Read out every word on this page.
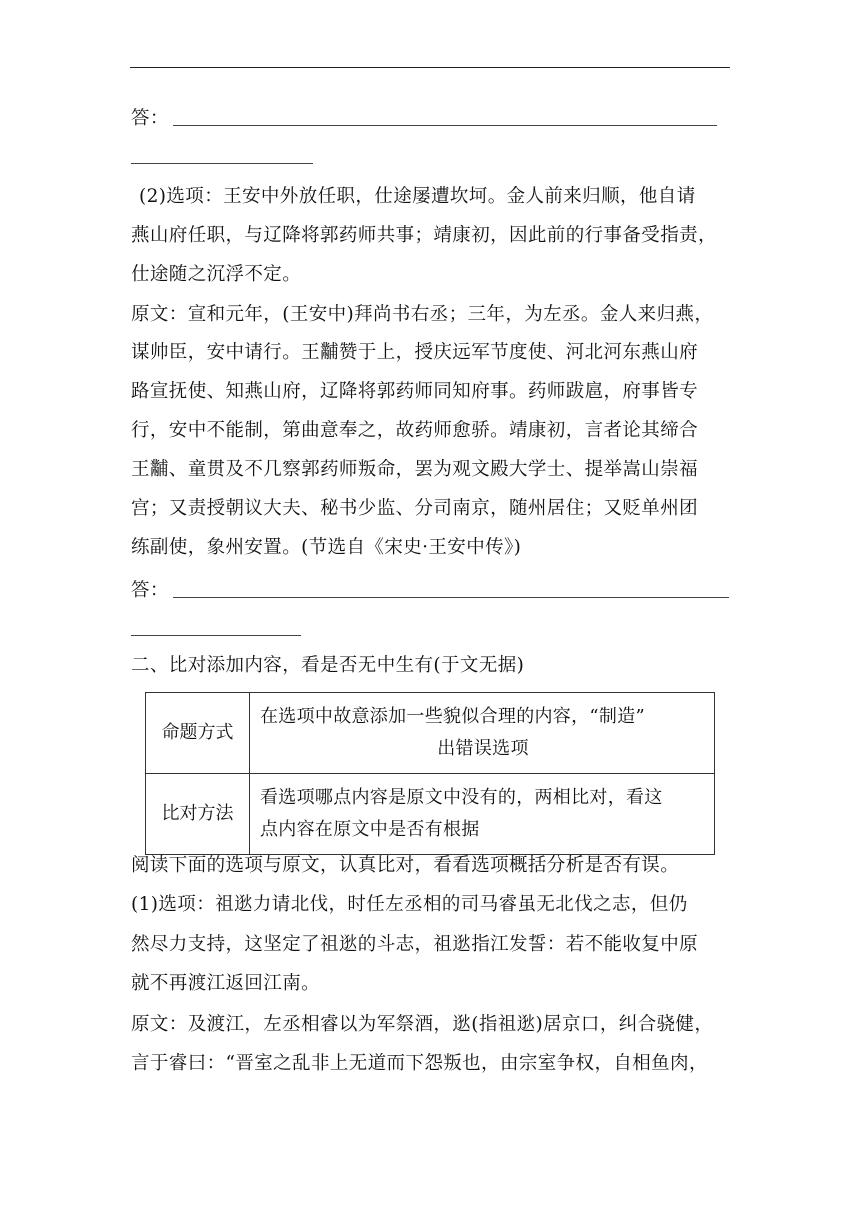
答：
(2)选项：王安中外放任职，仕途屡遭坎坷。金人前来归顺，他自请
燕山府任职，与辽降将郭药师共事；靖康初，因此前的行事备受指责，
仕途随之沉浮不定。
原文：宣和元年，(王安中)拜尚书右丞；三年，为左丞。金人来归燕，
谋帅臣，安中请行。王黼赞于上，授庆远军节度使、河北河东燕山府
路宣抚使、知燕山府，辽降将郭药师同知府事。药师跋扈，府事皆专
行，安中不能制，第曲意奉之，故药师愈骄。靖康初，言者论其缔合
王黼、童贯及不几察郭药师叛命，罢为观文殿大学士、提举嵩山崇福
宫；又责授朝议大夫、秘书少监、分司南京，随州居住；又贬单州团
练副使，象州安置。(节选自《宋史·王安中传》)
答：
二、比对添加内容，看是否无中生有(于文无据)
命题方式	在选项中故意添加一些貌似合理的内容，“制造”
出错误选项

比对方法	看选项哪点内容是原文中没有的，两相比对，看这
点内容在原文中是否有根据
阅读下面的选项与原文，认真比对，看看选项概括分析是否有误。
(1)选项：祖逖力请北伐，时任左丞相的司马睿虽无北伐之志，但仍
然尽力支持，这坚定了祖逖的斗志，祖逖指江发誓：若不能收复中原
就不再渡江返回江南。
原文：及渡江，左丞相睿以为军祭酒，逖(指祖逖)居京口，纠合骁健，
言于睿曰：“晋室之乱非上无道而下怨叛也，由宗室争权，自相鱼肉，
